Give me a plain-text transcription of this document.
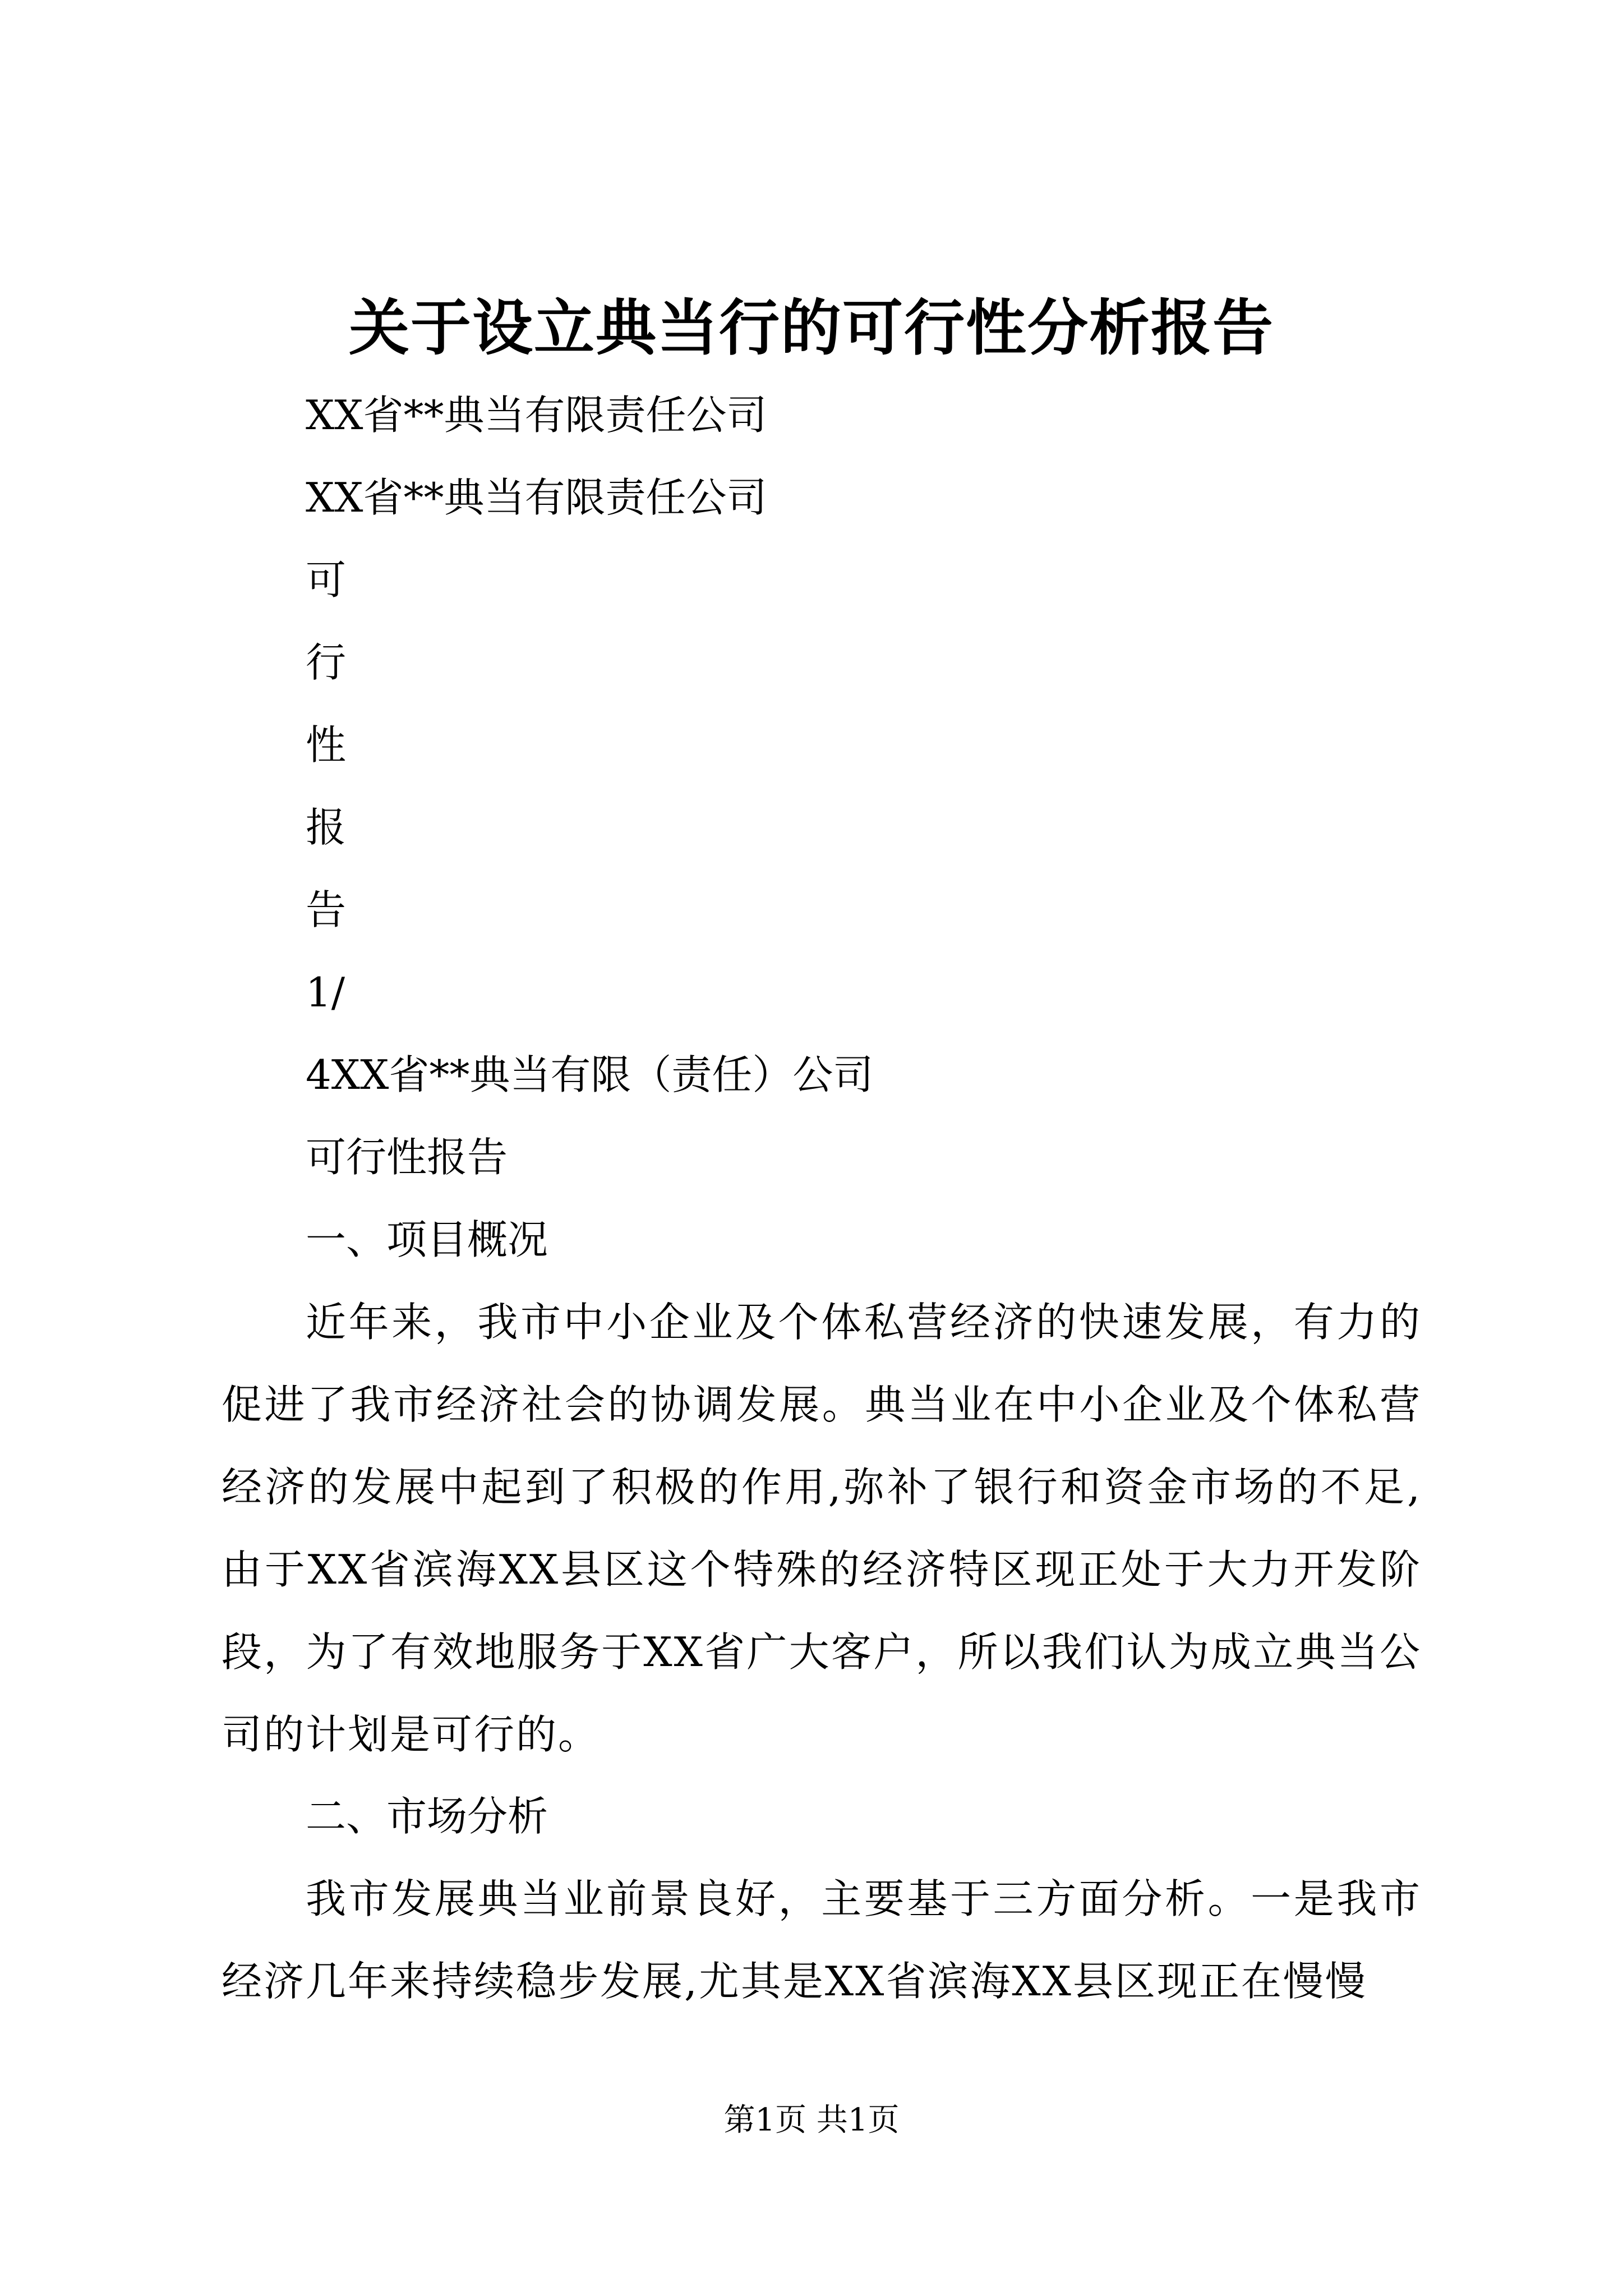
关于设立典当行的可行性分析报告
XX省**典当有限责任公司
XX省**典当有限责任公司
可
行
性
报
告
1/
4XX省**典当有限（责任）公司
可行性报告
一、项目概况

近年来，我市中小企业及个体私营经济的快速发展，有力的促进了我市经济社会的协调发展。典当业在中小企业及个体私营经济的发展中起到了积极的作用,弥补了银行和资金市场的不足,由于XX省滨海XX县区这个特殊的经济特区现正处于大力开发阶段，为了有效地服务于XX省广大客户，所以我们认为成立典当公司的计划是可行的。

二、市场分析

我市发展典当业前景良好，主要基于三方面分析。一是我市经济几年来持续稳步发展,尤其是XX省滨海XX县区现正在慢慢

第1页 共1页
